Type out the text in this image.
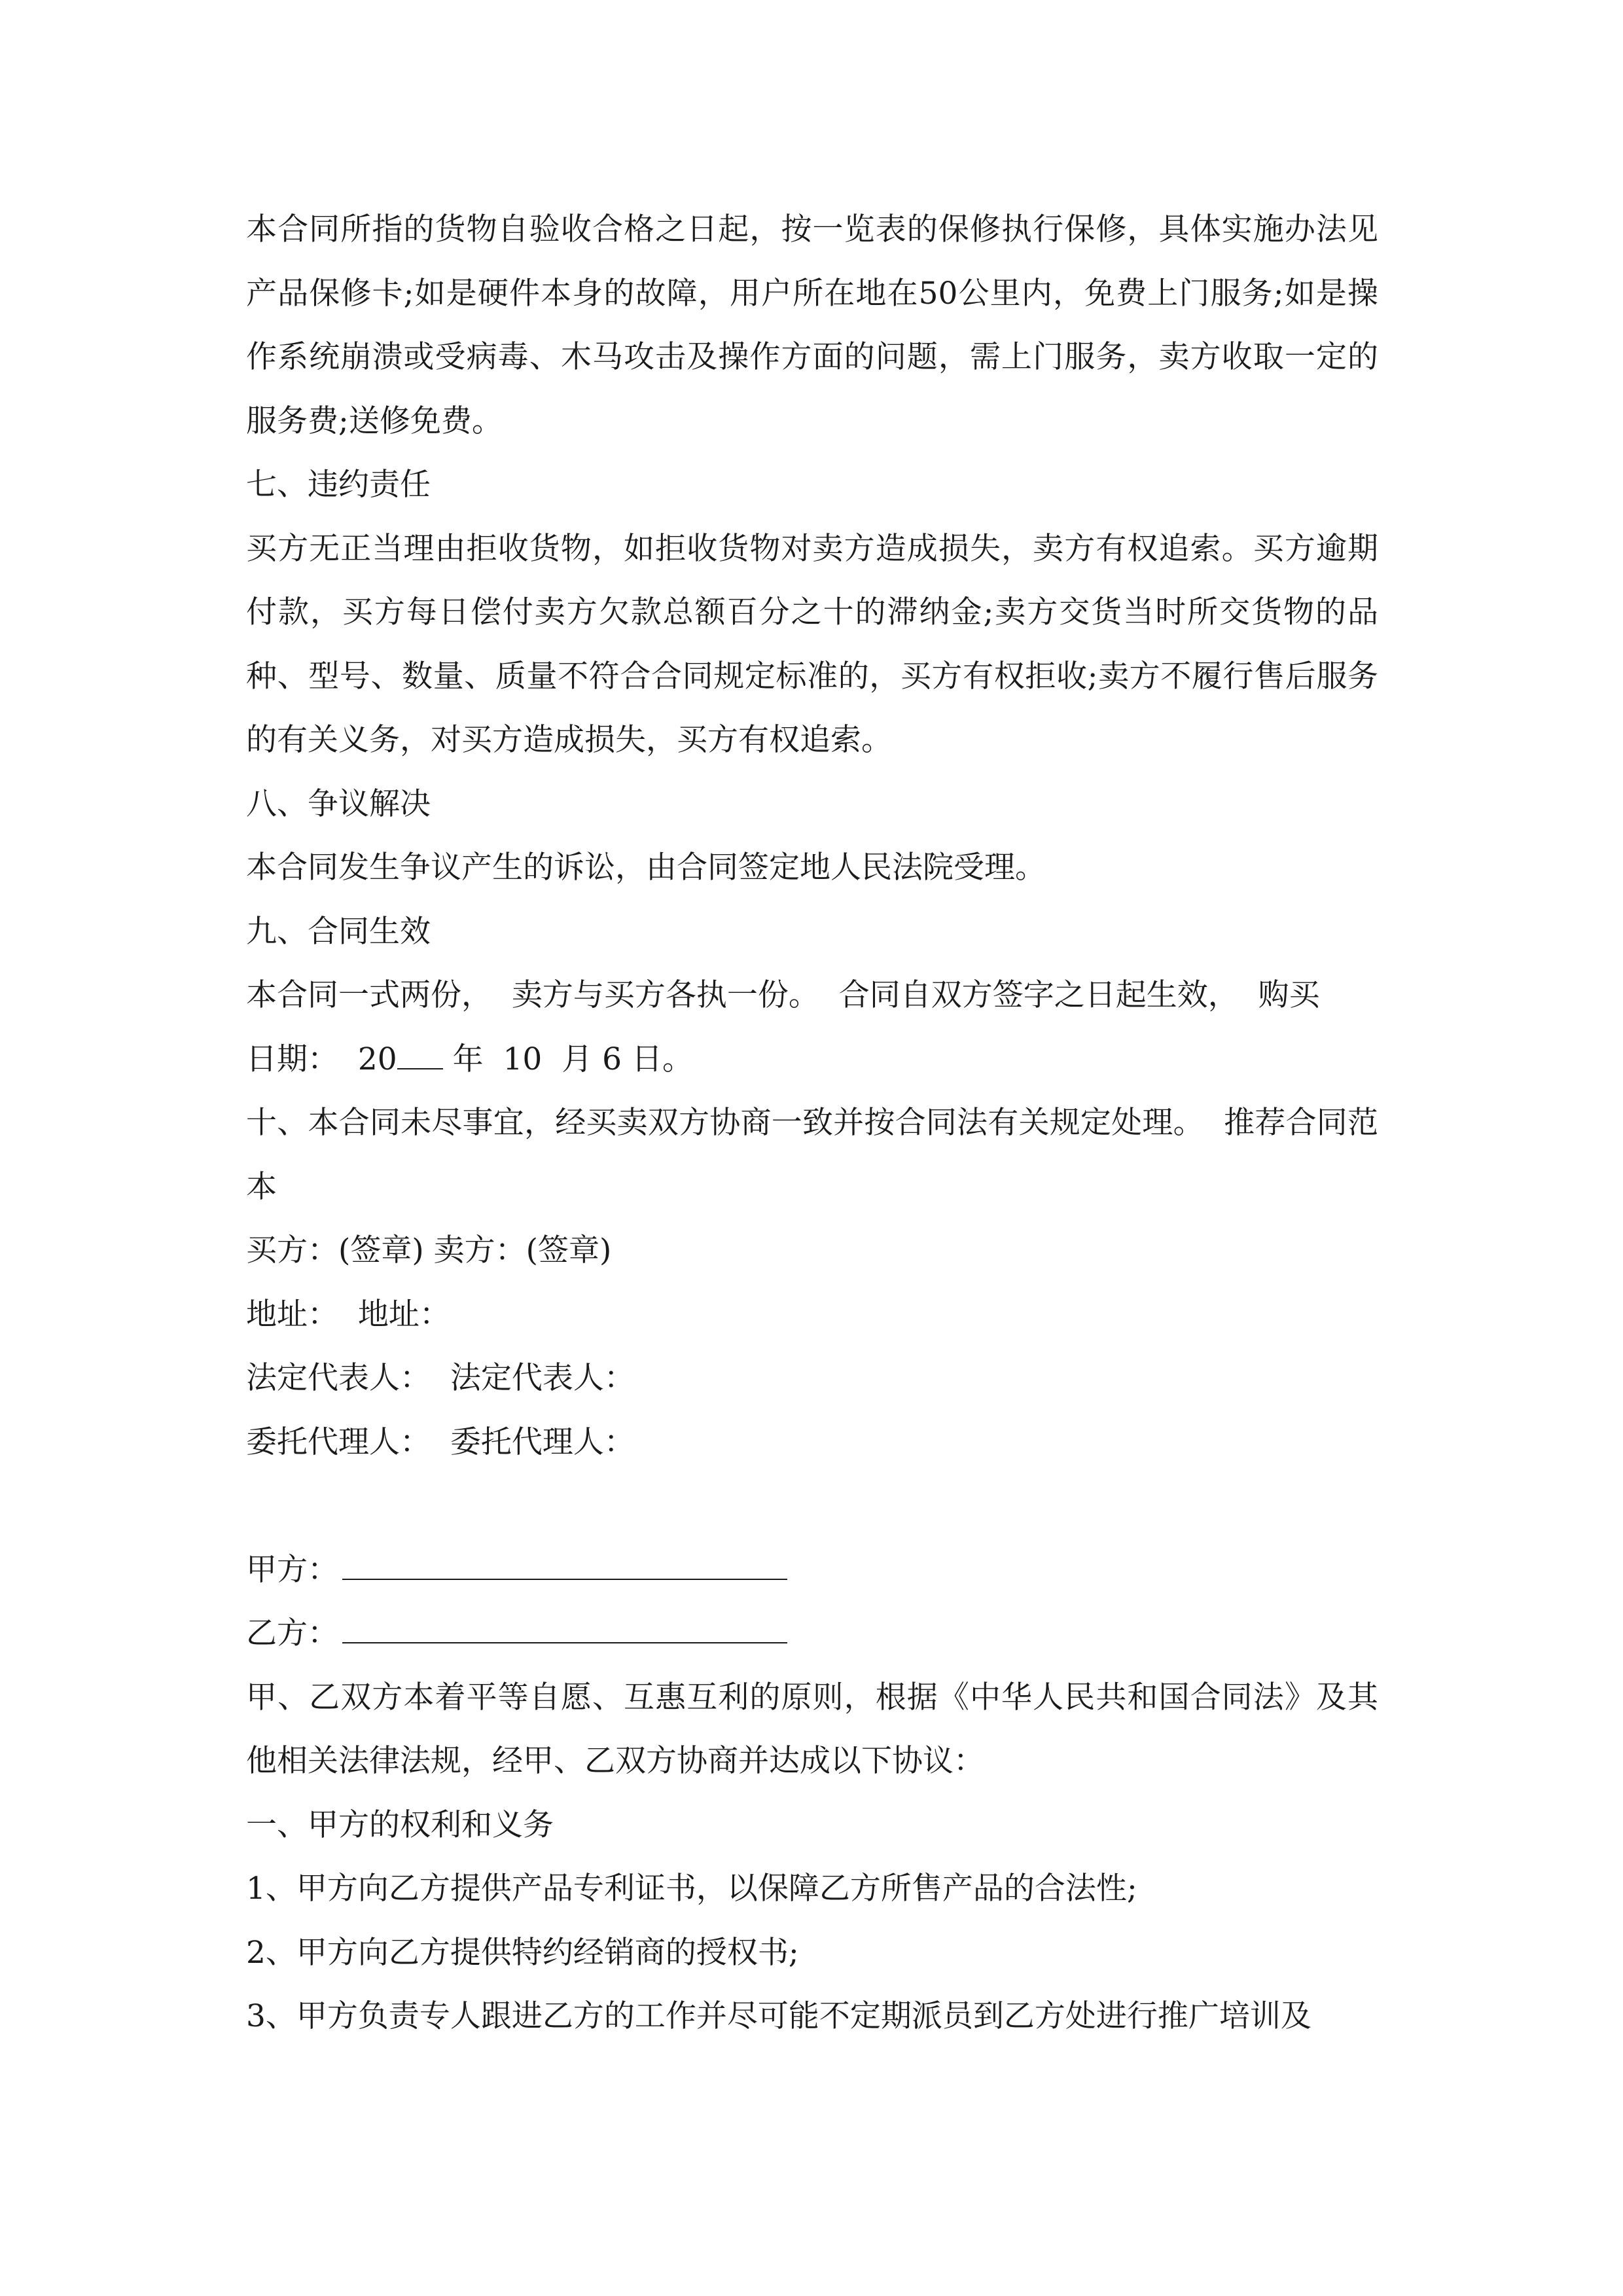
本合同所指的货物自验收合格之日起，按一览表的保修执行保修，具体实施办法见产品保修卡;如是硬件本身的故障，用户所在地在50公里内，免费上门服务;如是操作系统崩溃或受病毒、木马攻击及操作方面的问题，需上门服务，卖方收取一定的服务费;送修免费。

七、违约责任

买方无正当理由拒收货物，如拒收货物对卖方造成损失，卖方有权追索。买方逾期付款，买方每日偿付卖方欠款总额百分之十的滞纳金;卖方交货当时所交货物的品种、型号、数量、质量不符合合同规定标准的，买方有权拒收;卖方不履行售后服务的有关义务，对买方造成损失，买方有权追索。

八、争议解决

本合同发生争议产生的诉讼，由合同签定地人民法院受理。

九、合同生效

本合同一式两份，  卖方与买方各执一份。  合同自双方签字之日起生效，  购买

日期：  20 年  10  月 6 日。

十、本合同未尽事宜，经买卖双方协商一致并按合同法有关规定处理。  推荐合同范本

买方：(签章) 卖方：(签章)

地址：  地址：

法定代表人：  法定代表人：

委托代理人：  委托代理人：

甲方：

乙方：

甲、乙双方本着平等自愿、互惠互利的原则，根据《中华人民共和国合同法》及其他相关法律法规，经甲、乙双方协商并达成以下协议：

一、甲方的权利和义务

1、甲方向乙方提供产品专利证书，以保障乙方所售产品的合法性;

2、甲方向乙方提供特约经销商的授权书;

3、甲方负责专人跟进乙方的工作并尽可能不定期派员到乙方处进行推广培训及
